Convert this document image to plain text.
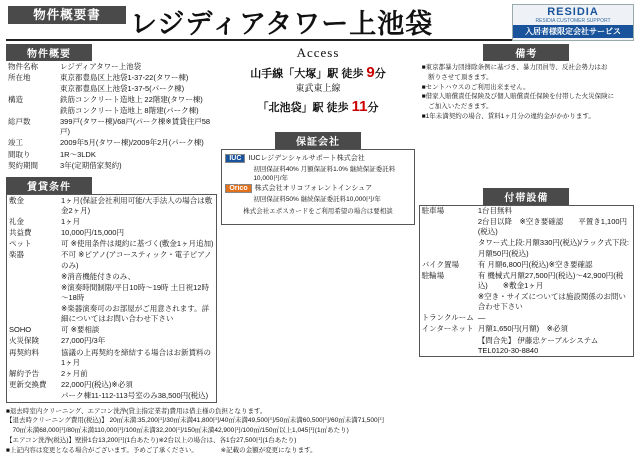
物件概要書	レジディアタワー上池袋	RESIDIA
RESIDIA CUSTOMER SUPPORT
入居者様限定会社サービス
物件概要
物件名称	レジディアタワー上池袋
所在地	東京都豊島区上池袋1-37-22(タワー棟)
	東京都豊島区上池袋1-37-5(パーク棟)
構造	鉄筋コンクリート造地上 22階建(タワー棟)
	鉄筋コンクリート造地上 8階建(パーク棟)
総戸数	399戸(タワー棟)/68戸(パーク棟※賃貸住戸58戸)
竣工	2009年5月(タワー棟)/2009年2月(パーク棟)
間取り	1R～3LDK
契約期間	3年(定期借家契約)
賃貸条件
敷金	1ヶ月(保証会社利用可能/大手法人の場合は敷金2ヶ月)
礼金	1ヶ月
共益費	10,000円/15,000円
ペット	可 ※使用条件は規約に基づく(敷金1ヶ月追加)
楽器	不可 ※ピアノ(アコースティック・電子ピアノのみ)
	※消音機能付きのみ、
	※演奏時間制限/平日10時～19時 土日祝12時～18時
	※楽器演奏可のお部屋がご用意されます。詳細についてはお問い合わせ下さい
SOHO	可 ※要相談
火災保険	27,000円/3年
再契約料	協議の上再契約を締結する場合はお新賃料の1ヶ月
解約予告	2ヶ月前
更新交換費	22,000円(税込)※必須
	パーク棟11-112-113号室のみ38,500円(税込)
Access
山手線「大塚」駅 徒歩 9分
東武東上線
「北池袋」駅 徒歩 11分
保証会社
IUC	IUCレジデンシャルサポート株式会社
初回保証料40% 月額保証料1.0% 継続保証委託料10,000円/年
Orico	株式会社オリコフォレントインシュア
初回保証料50% 継続保証委託料10,000円/年
株式会社エポスカードをご利用希望の場合は要相談
備考
■東京都暴力団排除条例に基づき、暴力団員等、反社会勢力はお
　断りさせて頂きます。
■セントハウスのご利用出来ません。
■借家人賠償責任保険及び個人賠償責任保険を付帯した火災保険に
　ご加入いただきます。
■1年未満契約の場合、賃料1ヶ月分の違約金がかかります。
付帯設備
駐車場	1台目無料
	2台目以降　※空き要確認　　平置き1,100円(税込)
	タワー式上段:月額330円(税込)/ラック式下段:月額50円(税込)
バイク置場	有 月額6,800円(税込)※空き要確認
駐輪場	有 機械式月額27,500円(税込)～42,900円(税込)　　※敷金1ヶ月
	※空き・サイズについては施設関係のお問い合わせ下さい
トランクルーム	―
インターネット	月額1,650円(月額)　※必須
	【問合先】 伊藤忠ケーブルシステム　TEL0120-30-8840
■退去時室内クリーニング、エアコン洗浄(貸主指定業者)費用は借主様の負担となります。
【退去時クリーニング費用(税込)】 20㎡未満:35,200円/30㎡未満41,800円/40㎡未満49,500円/50㎡未満60,500円/60㎡未満71,500円
　70㎡未満68,000円/80㎡未満110,000円/100㎡未満32,200円/150㎡未満42,900円/100㎡/150㎡以上1,045円(1㎡あたり)
【エアコン洗浄(税込)】壁掛1台13,200円(1台あたり)※2台以上の場合は、各1台27,500円(1台あたり)
■上記内容は変更となる場合がございます。予めご了承ください。　　　　※記載の金額が変更になります。
